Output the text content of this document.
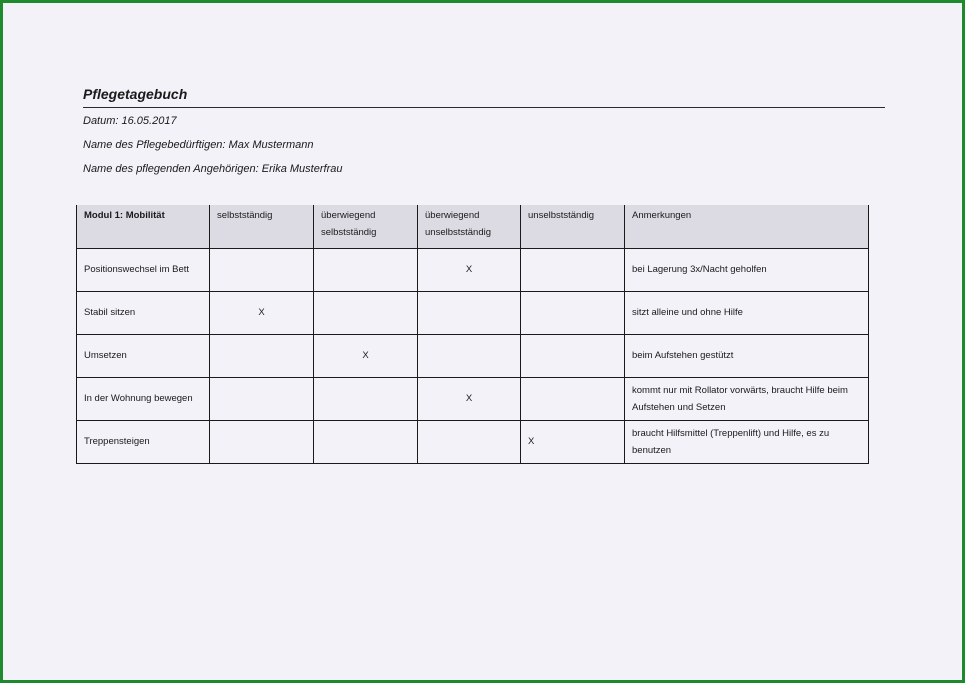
Pflegetagebuch
Datum: 16.05.2017
Name des Pflegebedürftigen: Max Mustermann
Name des pflegenden Angehörigen: Erika Musterfrau
Modul 1: Mobilität	selbstständig	überwiegend selbstständig	überwiegend unselbstständig	unselbstständig	Anmerkungen
Positionswechsel im Bett			X		bei Lagerung 3x/Nacht geholfen
Stabil sitzen	X				sitzt alleine und ohne Hilfe
Umsetzen		X			beim Aufstehen gestützt
In der Wohnung bewegen			X		kommt nur mit Rollator vorwärts, braucht Hilfe beim Aufstehen und Setzen
Treppensteigen				X	braucht Hilfsmittel (Treppenlift) und Hilfe, es zu benutzen
